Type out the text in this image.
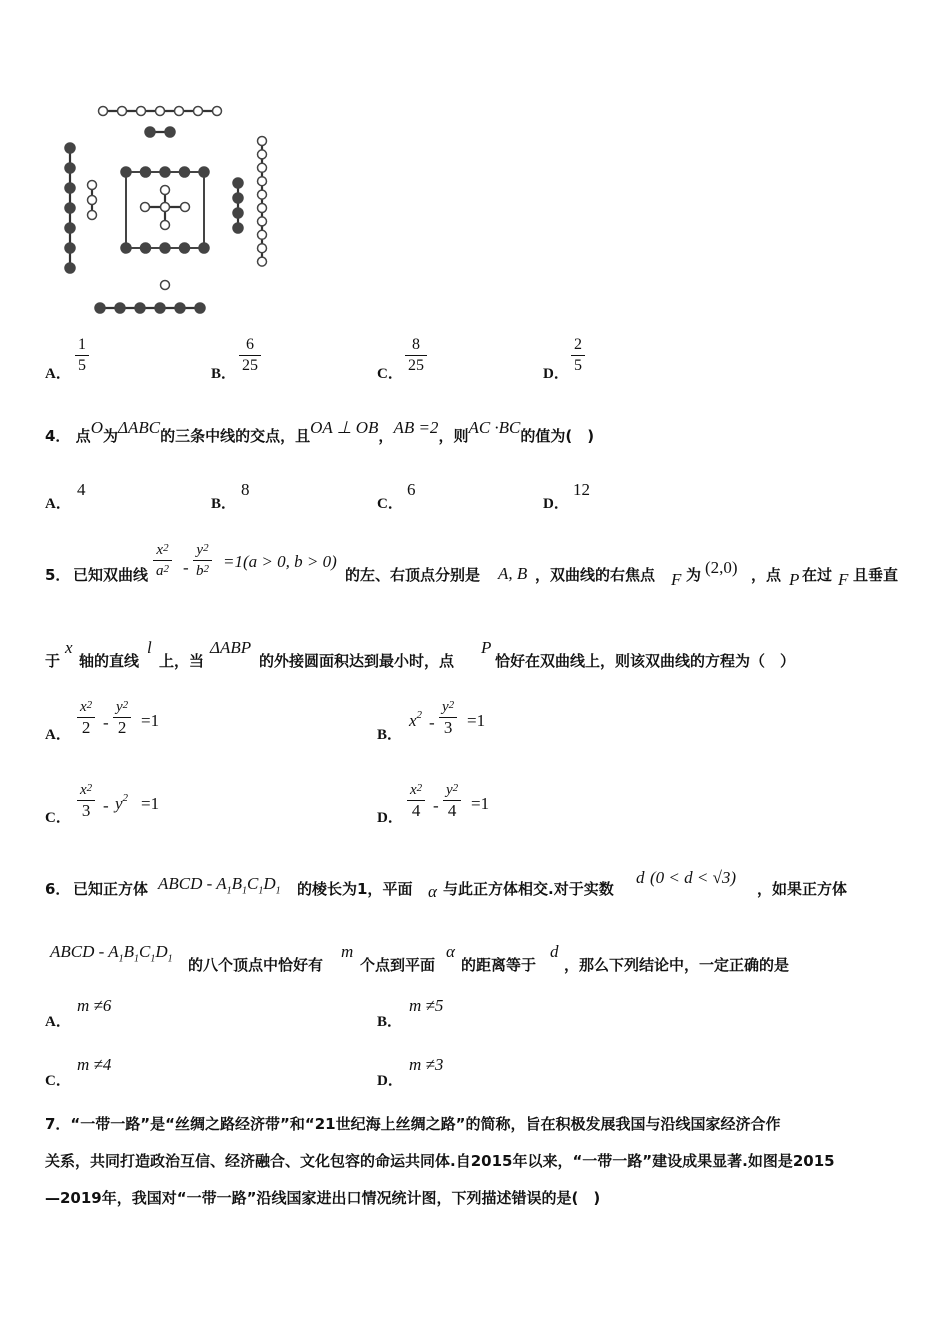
A． $\frac{1}{5}$	B． $\frac{6}{25}$	C． $\frac{8}{25}$	D． $\frac{2}{5}$
4． 点O为ΔABC的三条中线的交点，且OA ⊥ OB，AB =2，则AC ·BC的值为(　)
A．
4
B．
8
C．
6
D．
12
5． 已知双曲线 $\frac{x^2}{a^2} - \frac{y^2}{b^2} =1(a > 0$, b > 0)
的左、右顶点分别是 A, B ，双曲线的右焦点 F 为 (2,0) ，点 P 在过 F 且垂直
于
x
轴的直线
l
上，当
ΔABP
的外接圆面积达到最小时，点
P
恰好在双曲线上，则该双曲线的方程为（　）
A． $\frac{x^2}{2} - \frac{y^2}{2} =1$
B．
$x^2 - \frac{y^2}{3} =1$
C． $\frac{x^2}{3} - y^2 =1$
D． $\frac{x^2}{4} - \frac{y^2}{4} =1$
6． 已知正方体 ABCD - $A_1B_1C_1D_1$ 的棱长为1，平面 α 与此正方体相交.对于实数
d (0 < d < √3)
，如果正方体
ABCD - $A_1B_1C_1D_1$ 的八个顶点中恰好有
m
个点到平面
α
的距离等于
d
，那么下列结论中，一定正确的是
A．
m ≠6
B．
m ≠5
C．
m ≠4
D．
m ≠3
7．“一带一路”是“丝绸之路经济带”和“21世纪海上丝绸之路”的简称，旨在积极发展我国与沿线国家经济合作
关系，共同打造政治互信、经济融合、文化包容的命运共同体.自2015年以来，“一带一路”建设成果显著.如图是2015
—2019年，我国对“一带一路”沿线国家进出口情况统计图，下列描述错误的是(　)
